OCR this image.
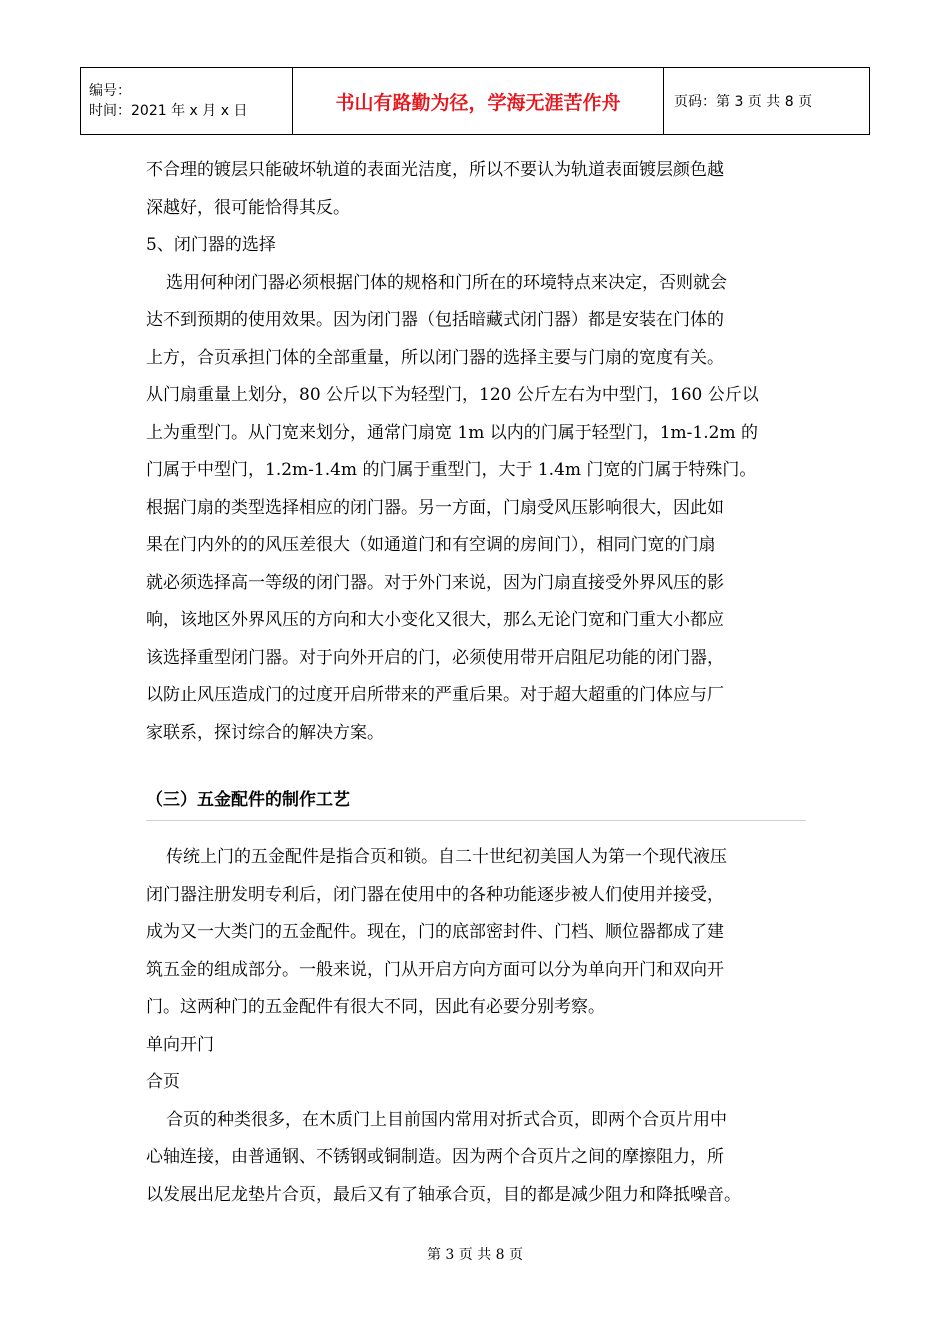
编号：
时间：2021 年 x 月 x 日	书山有路勤为径，学海无涯苦作舟	页码：第 3 页 共 8 页
不合理的镀层只能破坏轨道的表面光洁度，所以不要认为轨道表面镀层颜色越
深越好，很可能恰得其反。
5、闭门器的选择
选用何种闭门器必须根据门体的规格和门所在的环境特点来决定，否则就会
达不到预期的使用效果。因为闭门器（包括暗藏式闭门器）都是安装在门体的
上方，合页承担门体的全部重量，所以闭门器的选择主要与门扇的宽度有关。
从门扇重量上划分，80 公斤以下为轻型门，120 公斤左右为中型门，160 公斤以
上为重型门。从门宽来划分，通常门扇宽 1m 以内的门属于轻型门，1m-1.2m 的
门属于中型门，1.2m-1.4m 的门属于重型门，大于 1.4m 门宽的门属于特殊门。
根据门扇的类型选择相应的闭门器。另一方面，门扇受风压影响很大，因此如
果在门内外的的风压差很大（如通道门和有空调的房间门），相同门宽的门扇
就必须选择高一等级的闭门器。对于外门来说，因为门扇直接受外界风压的影
响，该地区外界风压的方向和大小变化又很大，那么无论门宽和门重大小都应
该选择重型闭门器。对于向外开启的门，必须使用带开启阻尼功能的闭门器，
以防止风压造成门的过度开启所带来的严重后果。对于超大超重的门体应与厂
家联系，探讨综合的解决方案。
（三）五金配件的制作工艺
传统上门的五金配件是指合页和锁。自二十世纪初美国人为第一个现代液压
闭门器注册发明专利后，闭门器在使用中的各种功能逐步被人们使用并接受，
成为又一大类门的五金配件。现在，门的底部密封件、门档、顺位器都成了建
筑五金的组成部分。一般来说，门从开启方向方面可以分为单向开门和双向开
门。这两种门的五金配件有很大不同，因此有必要分别考察。
单向开门
合页
合页的种类很多，在木质门上目前国内常用对折式合页，即两个合页片用中
心轴连接，由普通钢、不锈钢或铜制造。因为两个合页片之间的摩擦阻力，所
以发展出尼龙垫片合页，最后又有了轴承合页，目的都是减少阻力和降抵噪音。
第 3 页 共 8 页
